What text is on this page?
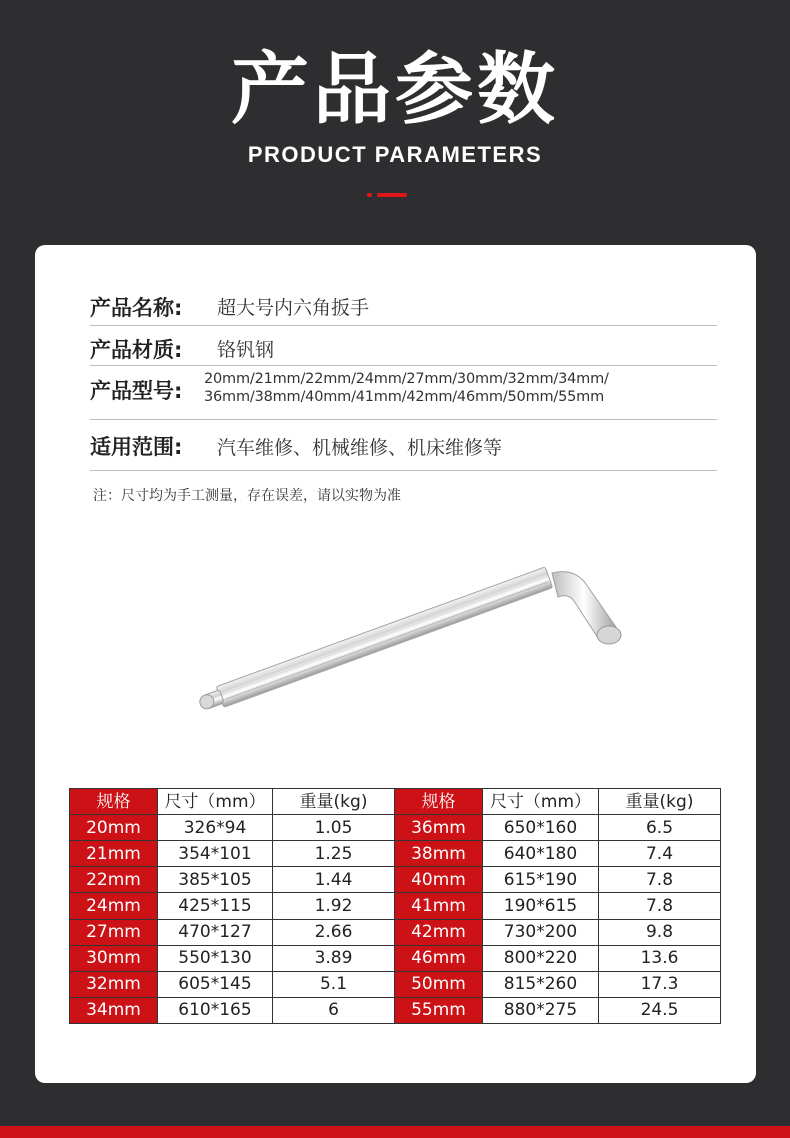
产品参数
PRODUCT PARAMETERS
产品名称: 超大号内六角扳手
产品材质: 铬钒钢
产品型号: 20mm/21mm/22mm/24mm/27mm/30mm/32mm/34mm/
36mm/38mm/40mm/41mm/42mm/46mm/50mm/55mm
适用范围: 汽车维修、机械维修、机床维修等
注：尺寸均为手工测量，存在误差，请以实物为准
规格	尺寸（mm）	重量(kg)	规格	尺寸（mm）	重量(kg)
20mm	326*94	1.05	36mm	650*160	6.5
21mm	354*101	1.25	38mm	640*180	7.4
22mm	385*105	1.44	40mm	615*190	7.8
24mm	425*115	1.92	41mm	190*615	7.8
27mm	470*127	2.66	42mm	730*200	9.8
30mm	550*130	3.89	46mm	800*220	13.6
32mm	605*145	5.1	50mm	815*260	17.3
34mm	610*165	6	55mm	880*275	24.5
